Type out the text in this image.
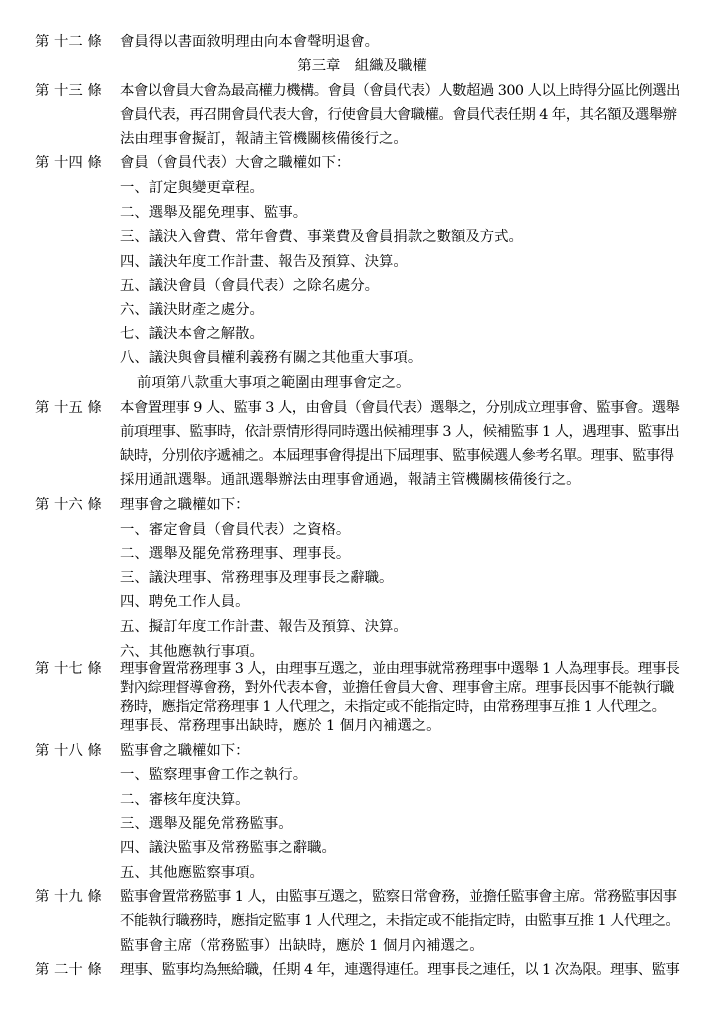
第 十二 條	會員得以書面敘明理由向本會聲明退會。
第三章　組織及職權
第 十三 條	本會以會員大會為最高權力機構。會員（會員代表）人數超過 300 人以上時得分區比例選出
會員代表，再召開會員代表大會，行使會員大會職權。會員代表任期 4 年，其名額及選舉辦
法由理事會擬訂，報請主管機關核備後行之。
第 十四 條	會員（會員代表）大會之職權如下：
一、訂定與變更章程。
二、選舉及罷免理事、監事。
三、議決入會費、常年會費、事業費及會員捐款之數額及方式。
四、議決年度工作計畫、報告及預算、決算。
五、議決會員（會員代表）之除名處分。
六、議決財產之處分。
七、議決本會之解散。
八、議決與會員權利義務有關之其他重大事項。
前項第八款重大事項之範圍由理事會定之。
第 十五 條	本會置理事 9 人、監事 3 人，由會員（會員代表）選舉之，分別成立理事會、監事會。選舉
前項理事、監事時，依計票情形得同時選出候補理事 3 人，候補監事 1 人，遇理事、監事出
缺時，分別依序遞補之。本屆理事會得提出下屆理事、監事候選人參考名單。理事、監事得
採用通訊選舉。通訊選舉辦法由理事會通過，報請主管機關核備後行之。
第 十六 條	理事會之職權如下：
一、審定會員（會員代表）之資格。
二、選舉及罷免常務理事、理事長。
三、議決理事、常務理事及理事長之辭職。
四、聘免工作人員。
五、擬訂年度工作計畫、報告及預算、決算。
六、其他應執行事項。
第 十七 條	理事會置常務理事 3 人，由理事互選之，並由理事就常務理事中選舉 1 人為理事長。理事長
對內綜理督導會務，對外代表本會，並擔任會員大會、理事會主席。理事長因事不能執行職
務時，應指定常務理事 1 人代理之，未指定或不能指定時，由常務理事互推 1 人代理之。
理事長、常務理事出缺時，應於 1 個月內補選之。
第 十八 條	監事會之職權如下：
一、監察理事會工作之執行。
二、審核年度決算。
三、選舉及罷免常務監事。
四、議決監事及常務監事之辭職。
五、其他應監察事項。
第 十九 條	監事會置常務監事 1 人，由監事互選之，監察日常會務，並擔任監事會主席。常務監事因事
不能執行職務時，應指定監事 1 人代理之，未指定或不能指定時，由監事互推 1 人代理之。
監事會主席（常務監事）出缺時，應於 1 個月內補選之。
第 二十 條	理事、監事均為無給職，任期 4 年，連選得連任。理事長之連任，以 1 次為限。理事、監事
